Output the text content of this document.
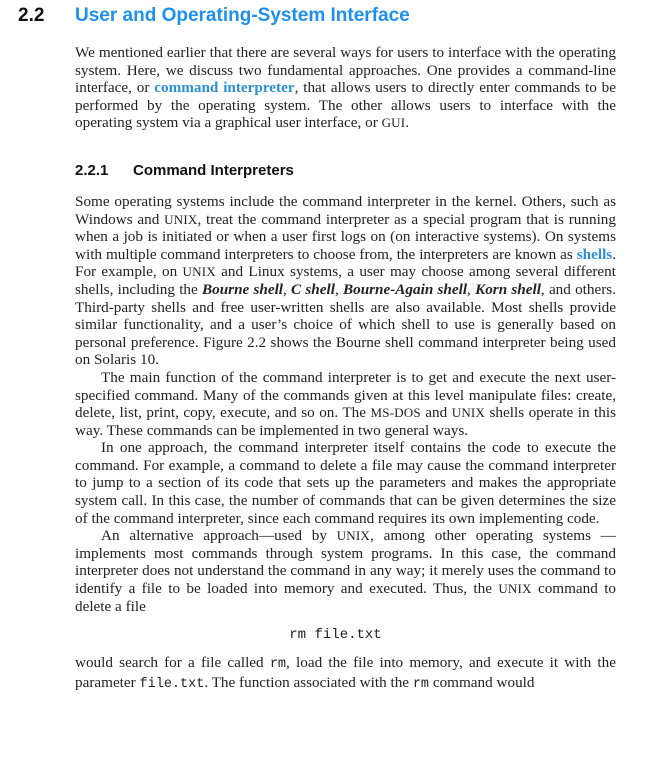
2.2	User and Operating-System Interface

We mentioned earlier that there are several ways for users to interface with the operating system. Here, we discuss two fundamental approaches. One provides a command-line interface, or command interpreter, that allows users to directly enter commands to be performed by the operating system. The other allows users to interface with the operating system via a graphical user interface, or GUI.

2.2.1	Command Interpreters

Some operating systems include the command interpreter in the kernel. Others, such as Windows and UNIX, treat the command interpreter as a special program that is running when a job is initiated or when a user first logs on (on interactive systems). On systems with multiple command interpreters to choose from, the interpreters are known as shells. For example, on UNIX and Linux systems, a user may choose among several different shells, including the Bourne shell, C shell, Bourne-Again shell, Korn shell, and others. Third-party shells and free user-written shells are also available. Most shells provide similar functionality, and a user’s choice of which shell to use is generally based on personal preference. Figure 2.2 shows the Bourne shell command interpreter being used on Solaris 10.

The main function of the command interpreter is to get and execute the next user-specified command. Many of the commands given at this level manipulate files: create, delete, list, print, copy, execute, and so on. The MS-DOS and UNIX shells operate in this way. These commands can be implemented in two general ways.

In one approach, the command interpreter itself contains the code to execute the command. For example, a command to delete a file may cause the command interpreter to jump to a section of its code that sets up the parameters and makes the appropriate system call. In this case, the number of commands that can be given determines the size of the command interpreter, since each command requires its own implementing code.

An alternative approach—used by UNIX, among other operating systems —implements most commands through system programs. In this case, the command interpreter does not understand the command in any way; it merely uses the command to identify a file to be loaded into memory and executed. Thus, the UNIX command to delete a file

rm file.txt

would search for a file called rm, load the file into memory, and execute it with the parameter file.txt. The function associated with the rm command would
